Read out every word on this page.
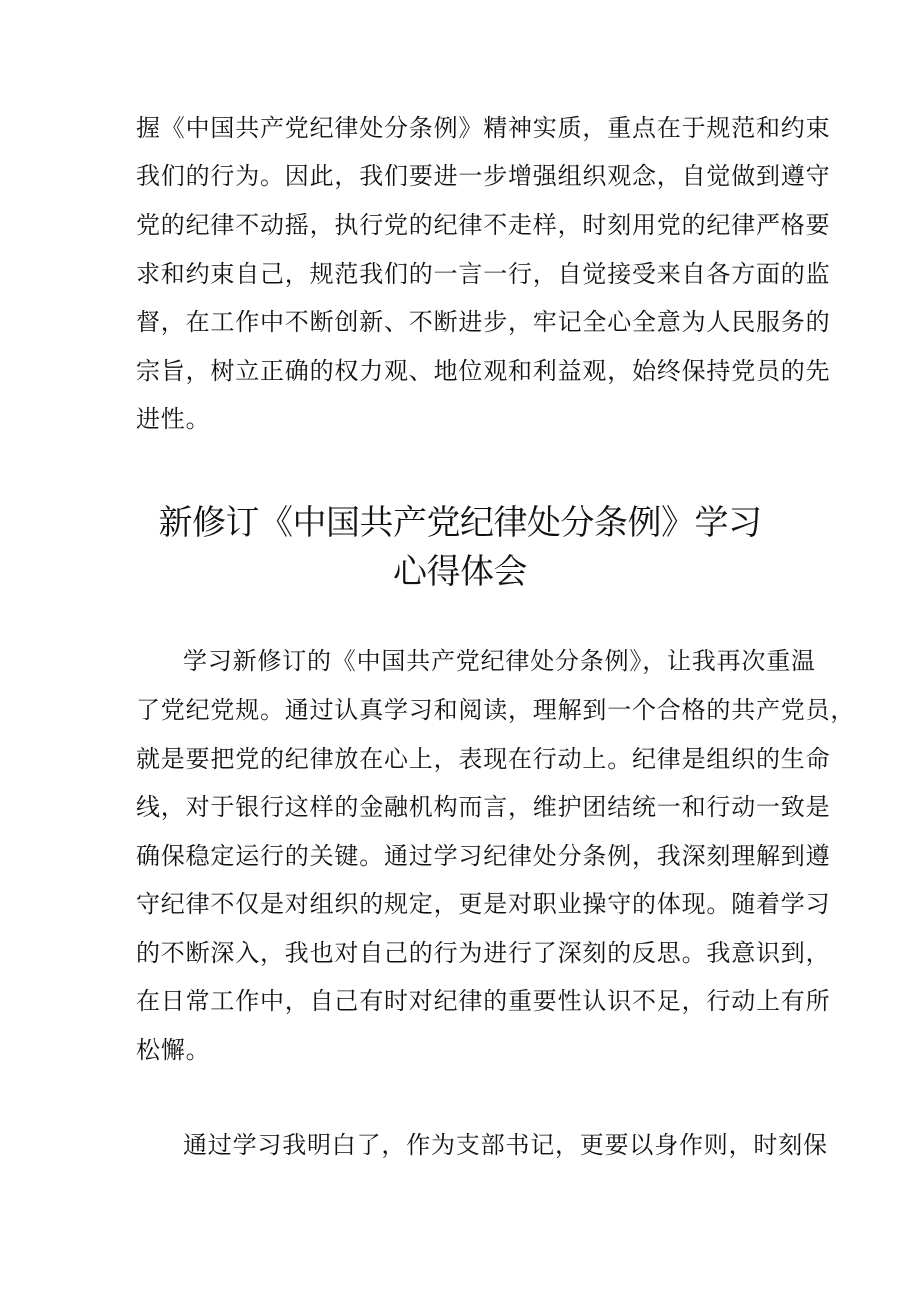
握《中国共产党纪律处分条例》精神实质，重点在于规范和约束
我们的行为。因此，我们要进一步增强组织观念，自觉做到遵守
党的纪律不动摇，执行党的纪律不走样，时刻用党的纪律严格要
求和约束自己，规范我们的一言一行，自觉接受来自各方面的监
督，在工作中不断创新、不断进步，牢记全心全意为人民服务的
宗旨，树立正确的权力观、地位观和利益观，始终保持党员的先
进性。
新修订《中国共产党纪律处分条例》学习
心得体会
学习新修订的《中国共产党纪律处分条例》，让我再次重温
了党纪党规。通过认真学习和阅读，理解到一个合格的共产党员，
就是要把党的纪律放在心上，表现在行动上。纪律是组织的生命
线，对于银行这样的金融机构而言，维护团结统一和行动一致是
确保稳定运行的关键。通过学习纪律处分条例，我深刻理解到遵
守纪律不仅是对组织的规定，更是对职业操守的体现。随着学习
的不断深入，我也对自己的行为进行了深刻的反思。我意识到，
在日常工作中，自己有时对纪律的重要性认识不足，行动上有所
松懈。
通过学习我明白了，作为支部书记，更要以身作则，时刻保
